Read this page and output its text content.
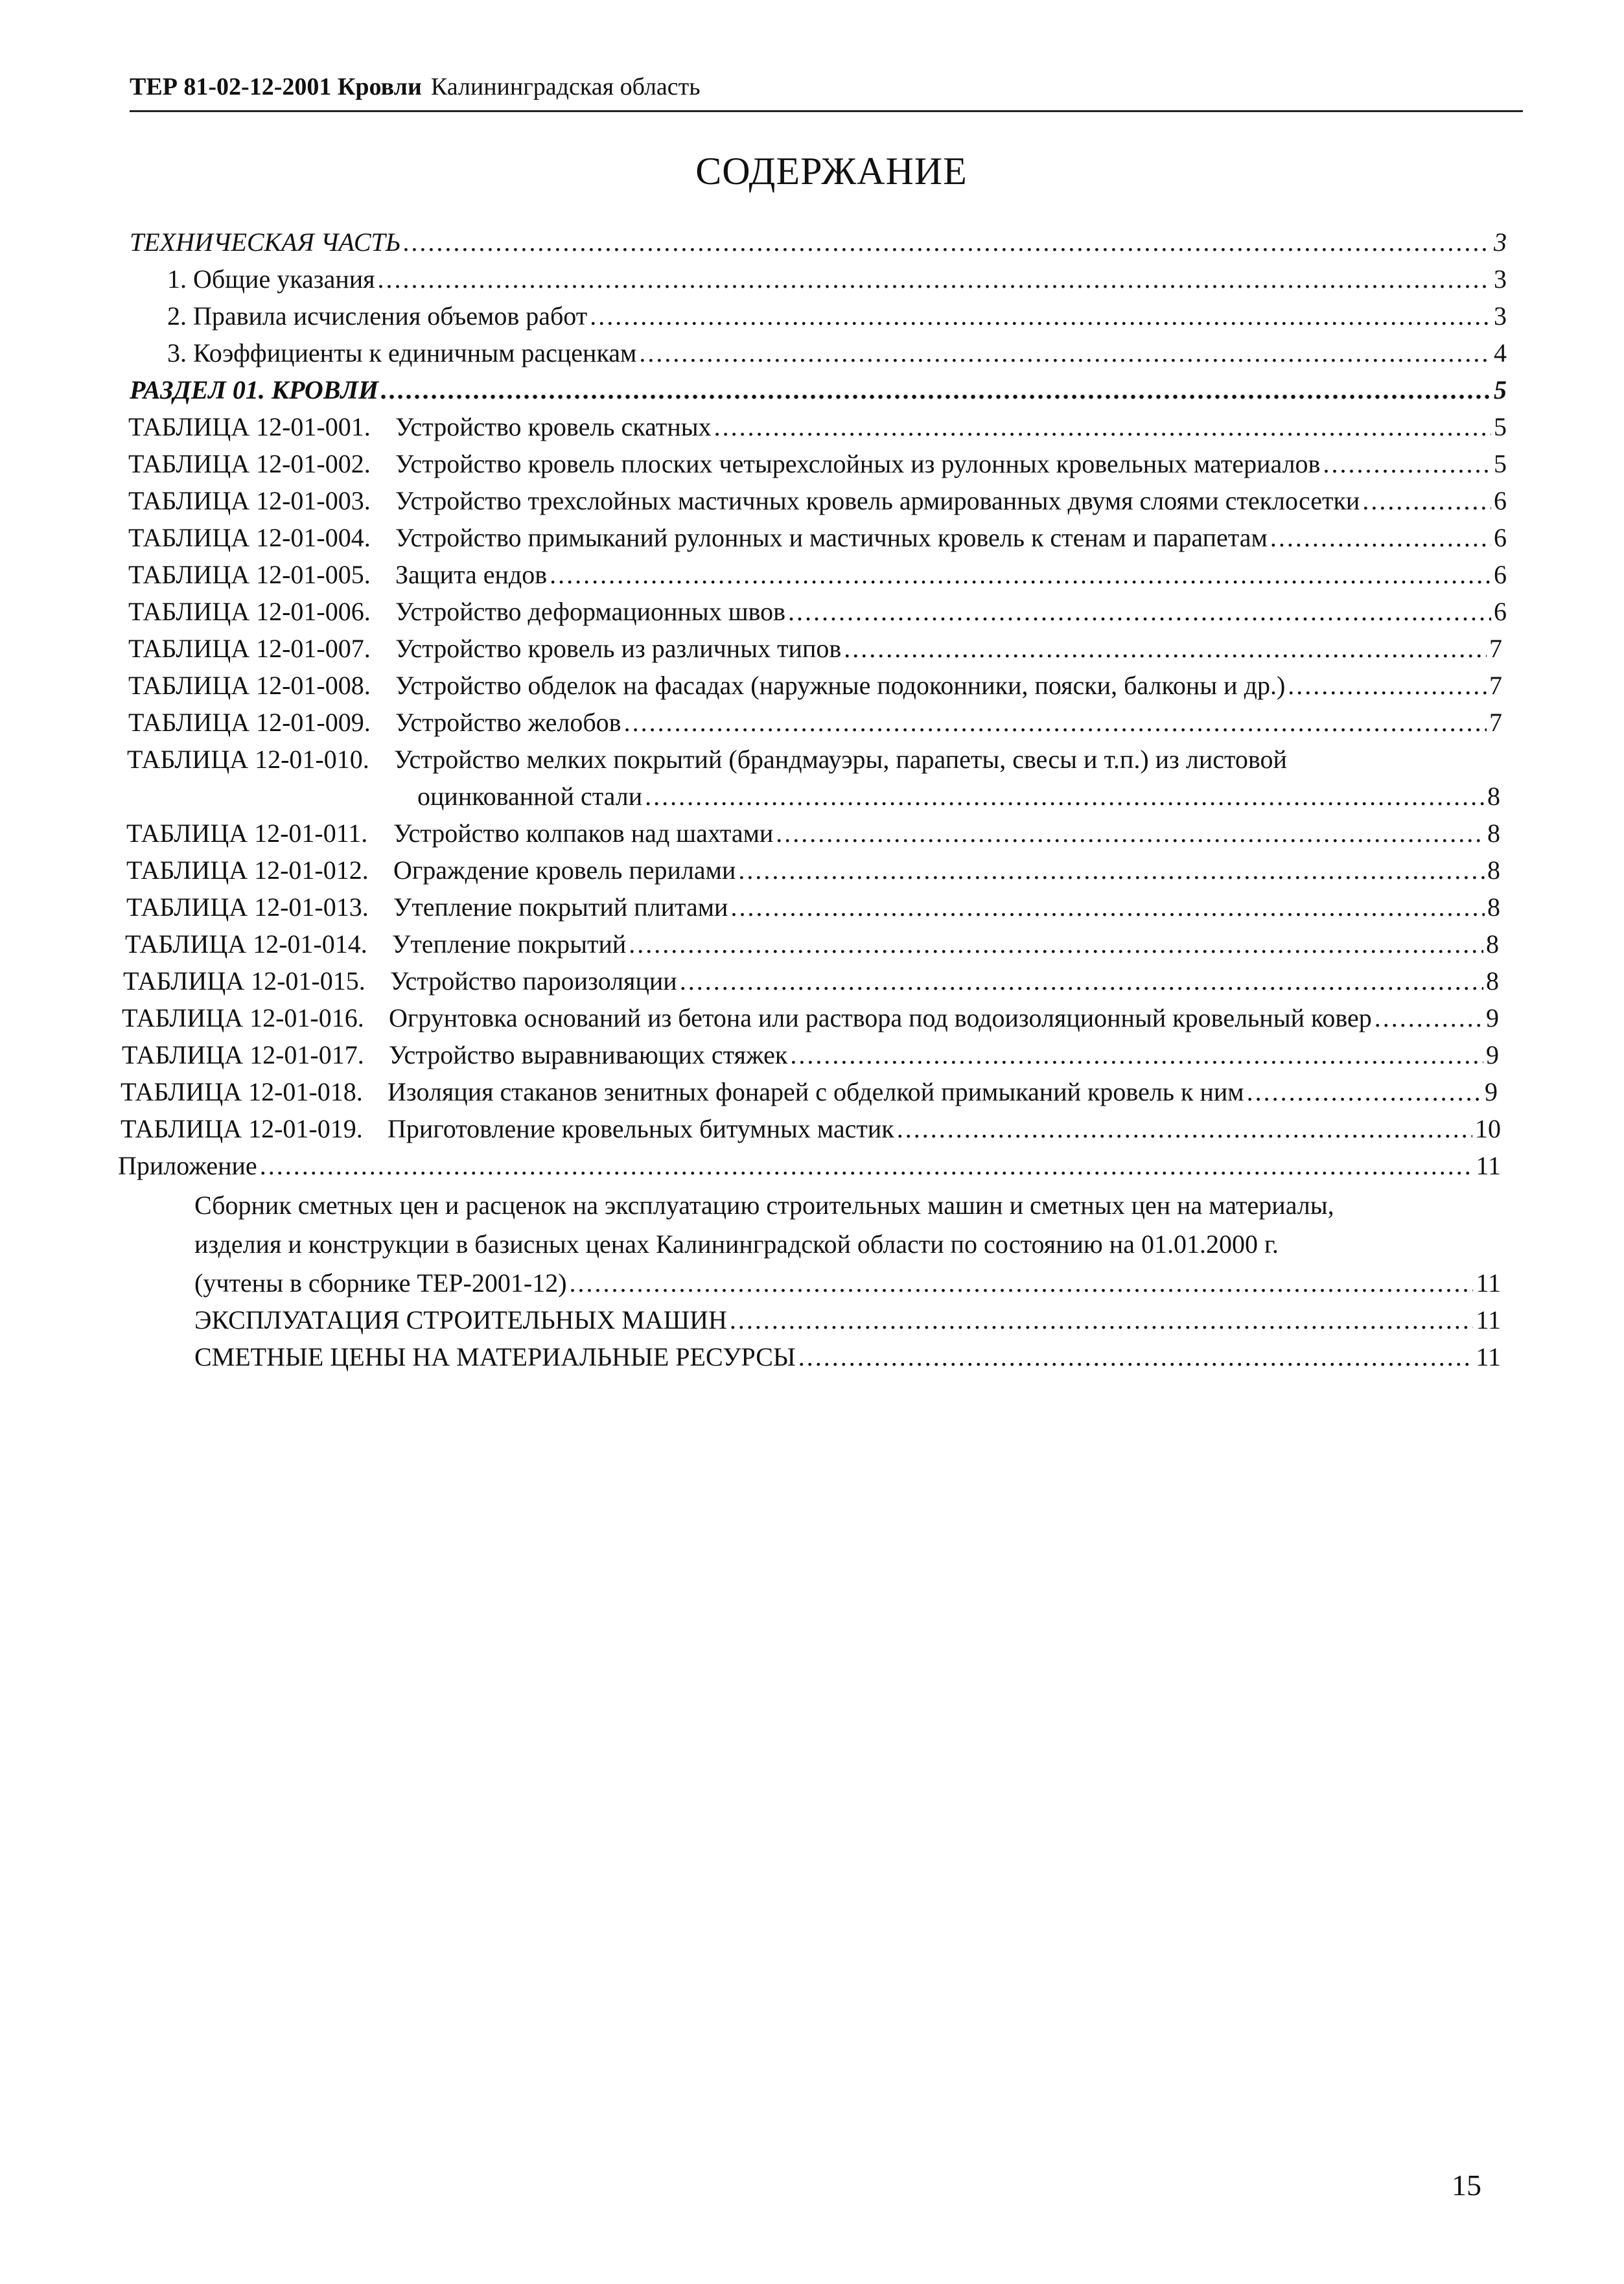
ТЕР 81-02-12-2001 Кровли Калининградская область
СОДЕРЖАНИЕ
ТЕХНИЧЕСКАЯ ЧАСТЬ .....	3
1. Общие указания .....	3
2. Правила исчисления объемов работ .....	3
3. Коэффициенты к единичным расценкам .....	4
РАЗДЕЛ 01. КРОВЛИ .....	5
ТАБЛИЦА 12-01-001. Устройство кровель скатных .....	5
ТАБЛИЦА 12-01-002. Устройство кровель плоских четырехслойных из рулонных кровельных материалов .....	5
ТАБЛИЦА 12-01-003. Устройство трехслойных мастичных кровель армированных двумя слоями стеклосетки .....	6
ТАБЛИЦА 12-01-004. Устройство примыканий рулонных и мастичных кровель к стенам и парапетам .....	6
ТАБЛИЦА 12-01-005. Защита ендов .....	6
ТАБЛИЦА 12-01-006. Устройство деформационных швов .....	6
ТАБЛИЦА 12-01-007. Устройство кровель из различных типов .....	7
ТАБЛИЦА 12-01-008. Устройство обделок на фасадах (наружные подоконники, пояски, балконы и др.) .....	7
ТАБЛИЦА 12-01-009. Устройство желобов .....	7
ТАБЛИЦА 12-01-010. Устройство мелких покрытий (брандмауэры, парапеты, свесы и т.п.) из листовой
оцинкованной стали .....	8
ТАБЛИЦА 12-01-011. Устройство колпаков над шахтами .....	8
ТАБЛИЦА 12-01-012. Ограждение кровель перилами .....	8
ТАБЛИЦА 12-01-013. Утепление покрытий плитами .....	8
ТАБЛИЦА 12-01-014. Утепление покрытий .....	8
ТАБЛИЦА 12-01-015. Устройство пароизоляции .....	8
ТАБЛИЦА 12-01-016. Огрунтовка оснований из бетона или раствора под водоизоляционный кровельный ковер .....	9
ТАБЛИЦА 12-01-017. Устройство выравнивающих стяжек .....	9
ТАБЛИЦА 12-01-018. Изоляция стаканов зенитных фонарей с обделкой примыканий кровель к ним .....	9
ТАБЛИЦА 12-01-019. Приготовление кровельных битумных мастик .....	10
Приложение .....	11
Сборник сметных цен и расценок на эксплуатацию строительных машин и сметных цен на материалы,
изделия и конструкции в базисных ценах Калининградской области по состоянию на 01.01.2000 г.
(учтены в сборнике ТЕР-2001-12) .....	11
ЭКСПЛУАТАЦИЯ СТРОИТЕЛЬНЫХ МАШИН .....	11
СМЕТНЫЕ ЦЕНЫ НА МАТЕРИАЛЬНЫЕ РЕСУРСЫ .....	11
15
